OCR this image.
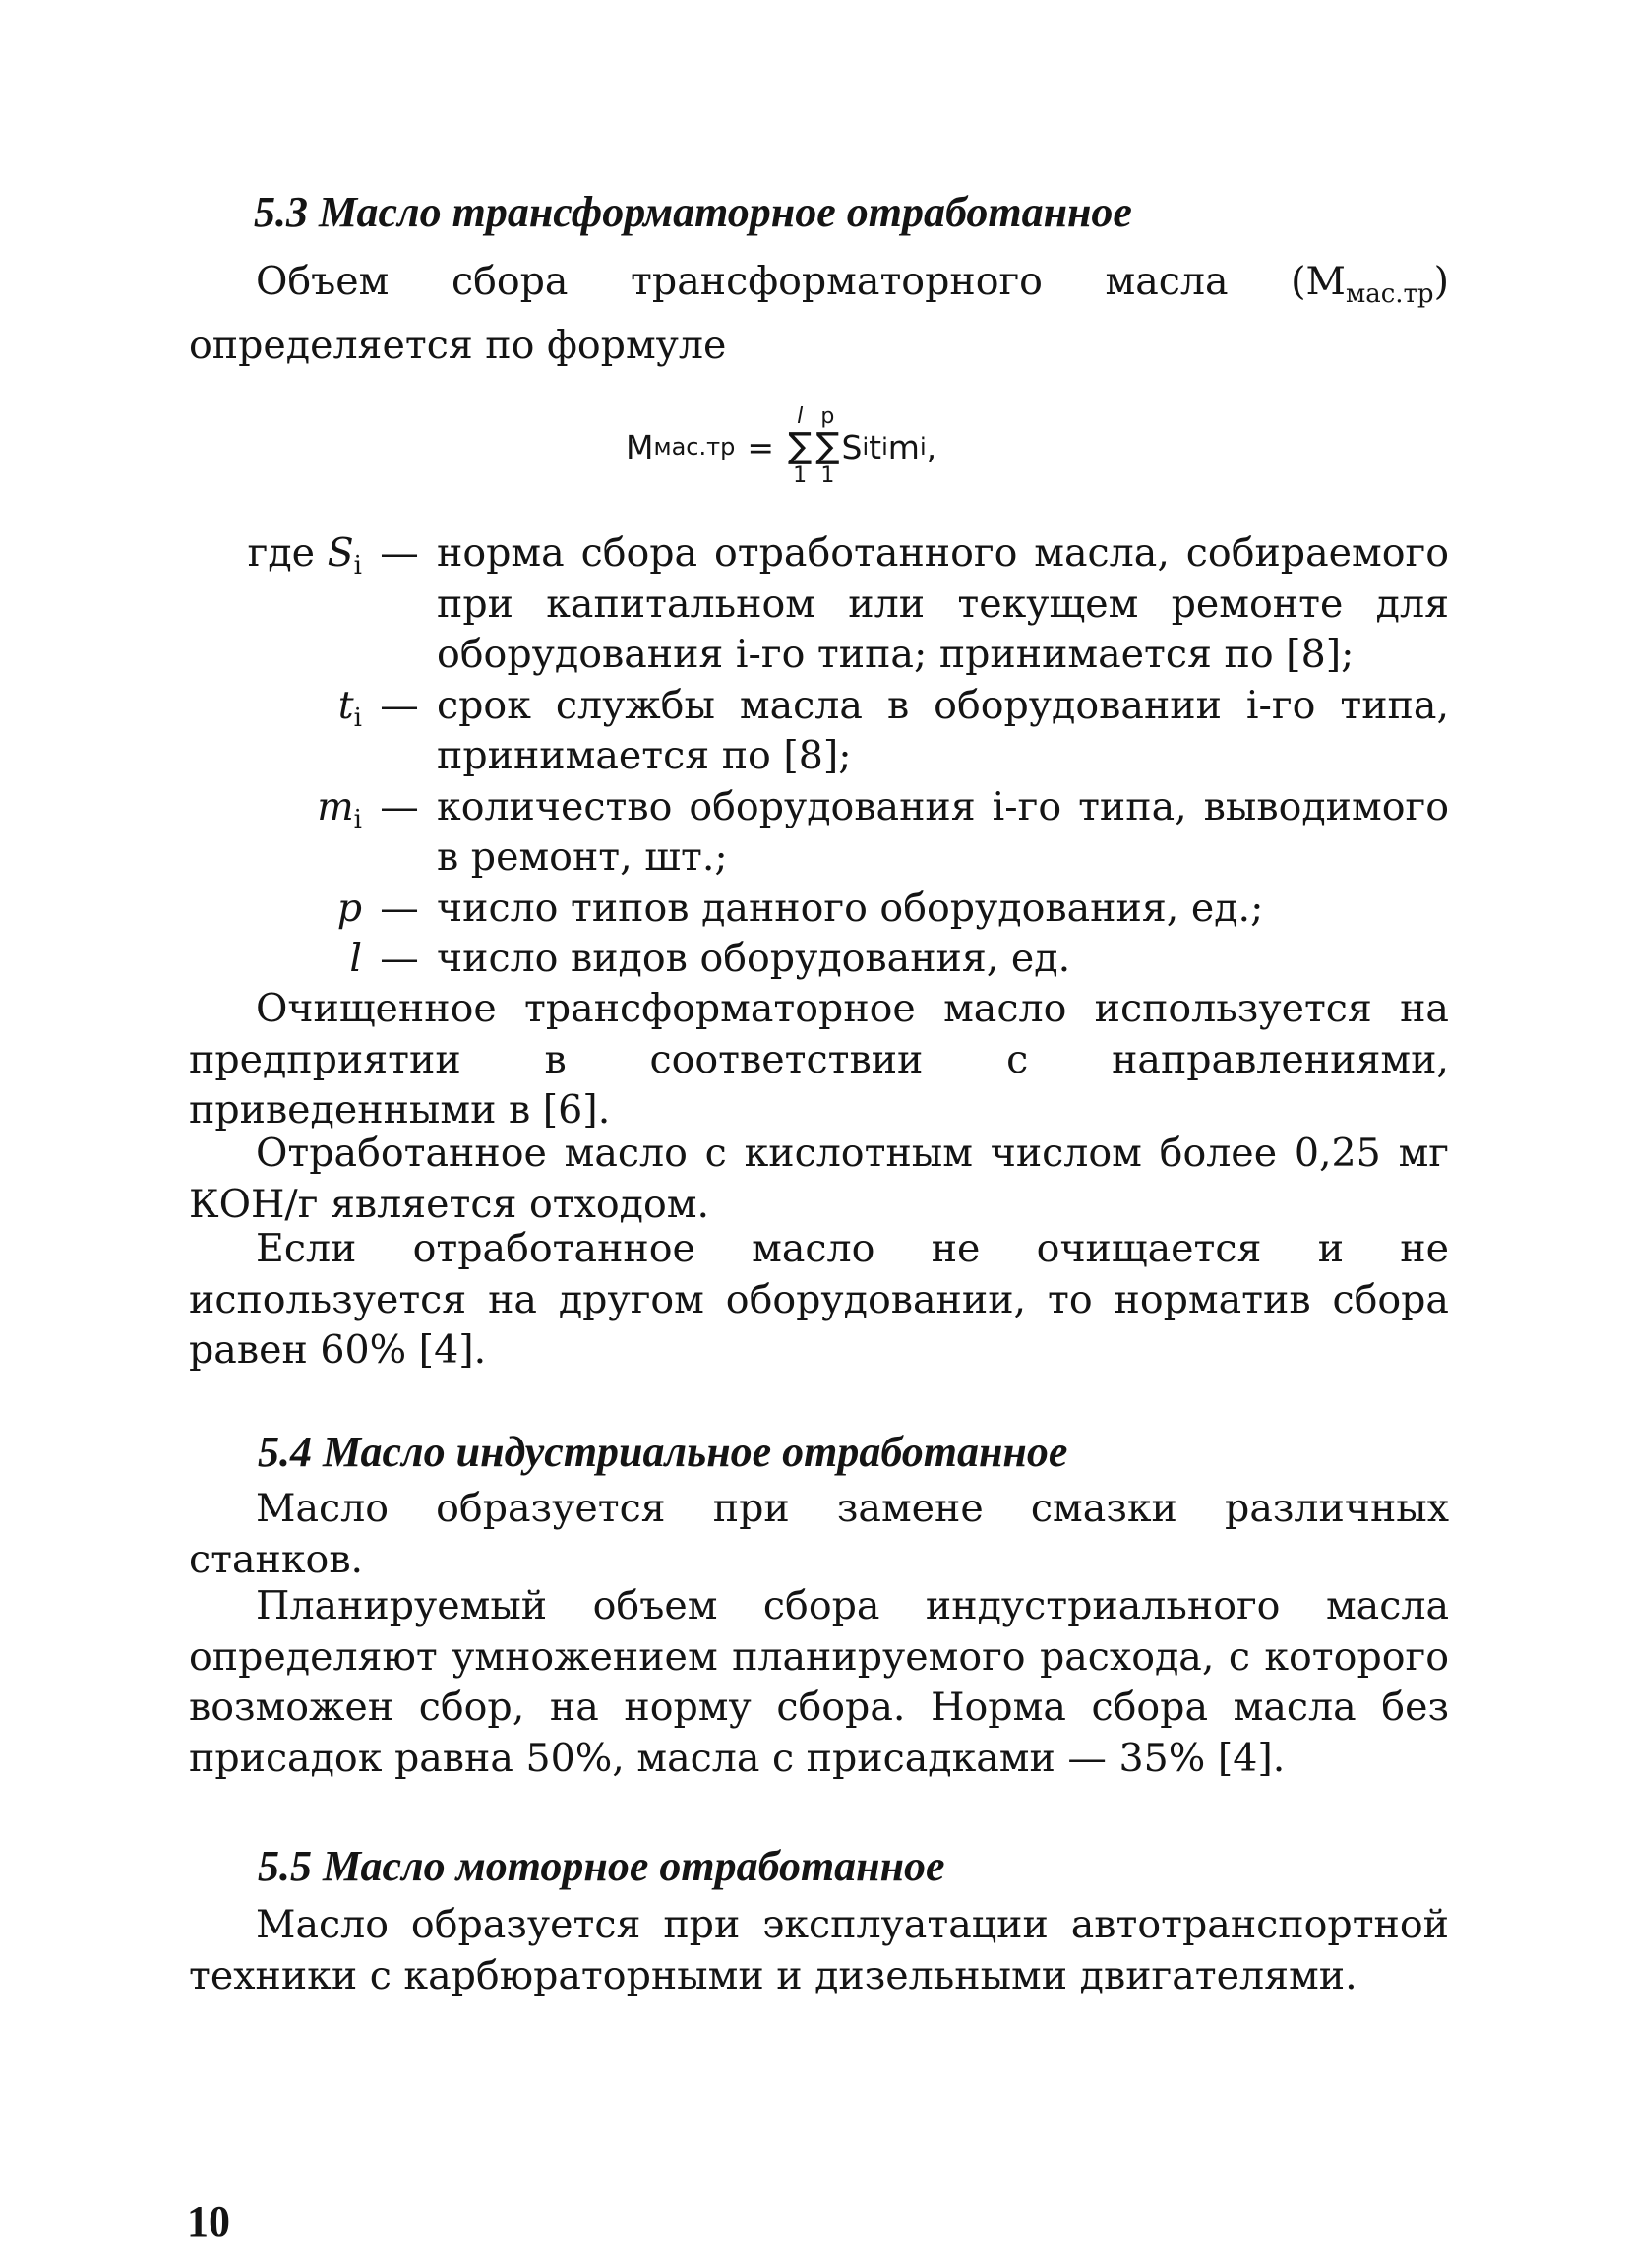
5.3 Масло трансформаторное отработанное

Объем сбора трансформаторного масла $(М_{мас.тр})$ определяется по формуле

М мас.тр =
l
∑
1
p
∑
1
S i t i m i ,
где $S_i$ — норма сбора отработанного масла, собираемого при капитальном или текущем ремонте для оборудования i-го типа; принимается по [8];
$t_i$ — срок службы масла в оборудовании i-го типа, принимается по [8];
$m_i$ — количество оборудования i-го типа, выводимого в ремонт, шт.;
p — число типов данного оборудования, ед.;
l — число видов оборудования, ед.

Очищенное трансформаторное масло используется на предприятии в соответствии с направлениями, приведенными в [6].

Отработанное масло с кислотным числом более 0,25 мг КОН/г является отходом.

Если отработанное масло не очищается и не используется на другом оборудовании, то норматив сбора равен 60% [4].

5.4 Масло индустриальное отработанное

Масло образуется при замене смазки различных станков.

Планируемый объем сбора индустриального масла определяют умножением планируемого расхода, с которого возможен сбор, на норму сбора. Норма сбора масла без присадок равна 50%, масла с присадками — 35% [4].

5.5 Масло моторное отработанное

Масло образуется при эксплуатации автотранспортной техники с карбюраторными и дизельными двигателями.

10
